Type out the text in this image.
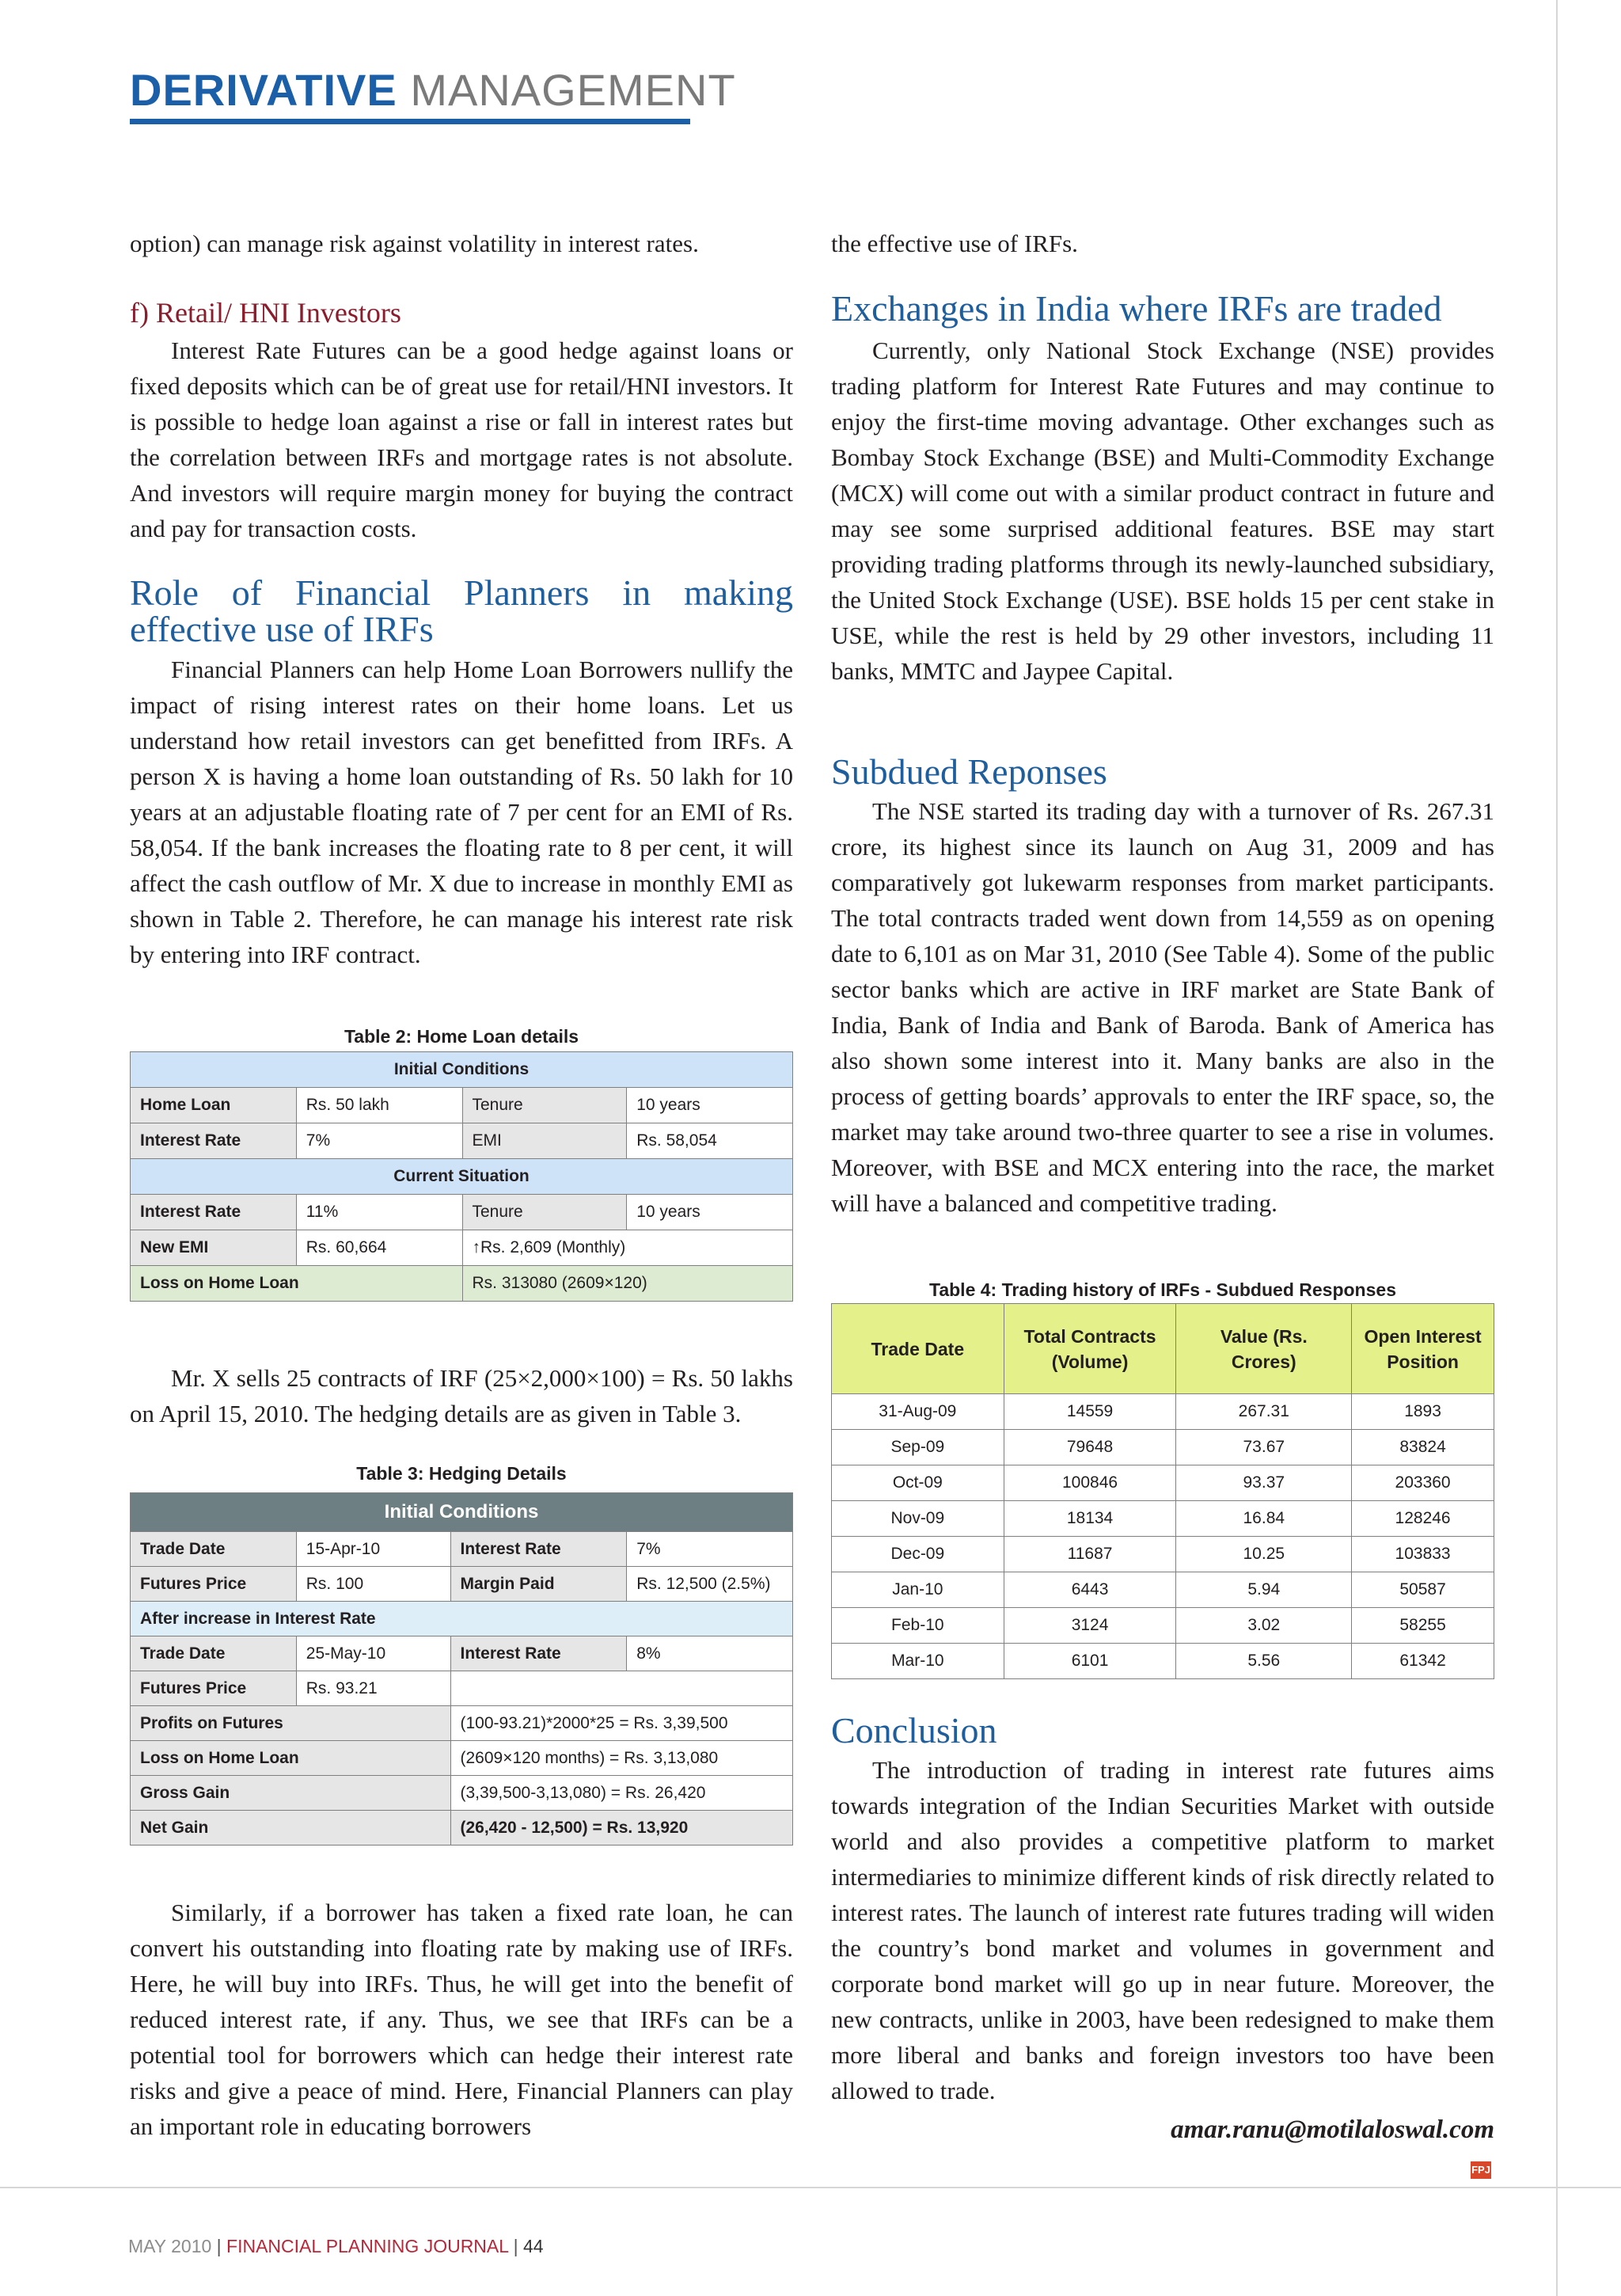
DERIVATIVE MANAGEMENT

option) can manage risk against volatility in interest rates.

f) Retail/ HNI Investors

Interest Rate Futures can be a good hedge against loans or fixed deposits which can be of great use for retail/HNI investors. It is possible to hedge loan against a rise or fall in interest rates but the correlation between IRFs and mortgage rates is not absolute. And investors will require margin money for buying the contract and pay for transaction costs.

Role of Financial Planners in making

effective use of IRFs

Financial Planners can help Home Loan Borrowers nullify the impact of rising interest rates on their home loans. Let us understand how retail investors can get benefitted from IRFs. A person X is having a home loan outstanding of Rs. 50 lakh for 10 years at an adjustable floating rate of 7 per cent for an EMI of Rs. 58,054. If the bank increases the floating rate to 8 per cent, it will affect the cash outflow of Mr. X due to increase in monthly EMI as shown in Table 2. Therefore, he can manage his interest rate risk by entering into IRF contract.

Table 2: Home Loan details

Initial Conditions			
Home Loan	Rs. 50 lakh	Tenure	10 years
Interest Rate	7%	EMI	Rs. 58,054
Current Situation			
Interest Rate	11%	Tenure	10 years
New EMI	Rs. 60,664	↑Rs. 2,609 (Monthly)	
Loss on Home Loan		Rs. 313080 (2609×120)	

Mr. X sells 25 contracts of IRF (25×2,000×100) = Rs. 50 lakhs on April 15, 2010. The hedging details are as given in Table 3.

Table 3: Hedging Details

Initial Conditions			
Trade Date	15-Apr-10	Interest Rate	7%
Futures Price	Rs. 100	Margin Paid	Rs. 12,500 (2.5%)
After increase in Interest Rate			
Trade Date	25-May-10	Interest Rate	8%
Futures Price	Rs. 93.21		
Profits on Futures		(100-93.21)*2000*25 = Rs. 3,39,500	
Loss on Home Loan		(2609×120 months) = Rs. 3,13,080	
Gross Gain		(3,39,500-3,13,080) = Rs. 26,420	
Net Gain		(26,420 - 12,500) = Rs. 13,920	

Similarly, if a borrower has taken a fixed rate loan, he can convert his outstanding into floating rate by making use of IRFs. Here, he will buy into IRFs. Thus, he will get into the benefit of reduced interest rate, if any. Thus, we see that IRFs can be a potential tool for borrowers which can hedge their interest rate risks and give a peace of mind. Here, Financial Planners can play an important role in educating borrowers

the effective use of IRFs.

Exchanges in India where IRFs are traded

Currently, only National Stock Exchange (NSE) provides trading platform for Interest Rate Futures and may continue to enjoy the first-time moving advantage. Other exchanges such as Bombay Stock Exchange (BSE) and Multi-Commodity Exchange (MCX) will come out with a similar product contract in future and may see some surprised additional features. BSE may start providing trading platforms through its newly-launched subsidiary, the United Stock Exchange (USE). BSE holds 15 per cent stake in USE, while the rest is held by 29 other investors, including 11 banks, MMTC and Jaypee Capital.

Subdued Reponses

The NSE started its trading day with a turnover of Rs. 267.31 crore, its highest since its launch on Aug 31, 2009 and has comparatively got lukewarm responses from market participants. The total contracts traded went down from 14,559 as on opening date to 6,101 as on Mar 31, 2010 (See Table 4). Some of the public sector banks which are active in IRF market are State Bank of India, Bank of India and Bank of Baroda. Bank of America has also shown some interest into it. Many banks are also in the process of getting boards’ approvals to enter the IRF space, so, the market may take around two-three quarter to see a rise in volumes. Moreover, with BSE and MCX entering into the race, the market will have a balanced and competitive trading.

Table 4: Trading history of IRFs - Subdued Responses

Trade Date	Total Contracts (Volume)	Value (Rs. Crores)	Open Interest Position
31-Aug-09	14559	267.31	1893
Sep-09	79648	73.67	83824
Oct-09	100846	93.37	203360
Nov-09	18134	16.84	128246
Dec-09	11687	10.25	103833
Jan-10	6443	5.94	50587
Feb-10	3124	3.02	58255
Mar-10	6101	5.56	61342

Conclusion

The introduction of trading in interest rate futures aims towards integration of the Indian Securities Market with outside world and also provides a competitive platform to market intermediaries to minimize different kinds of risk directly related to interest rates. The launch of interest rate futures trading will widen the country’s bond market and volumes in government and corporate bond market will go up in near future. Moreover, the new contracts, unlike in 2003, have been redesigned to make them more liberal and banks and foreign investors too have been allowed to trade.

amar.ranu@motilaloswal.com
FPJ
MAY 2010 | FINANCIAL PLANNING JOURNAL | 44
